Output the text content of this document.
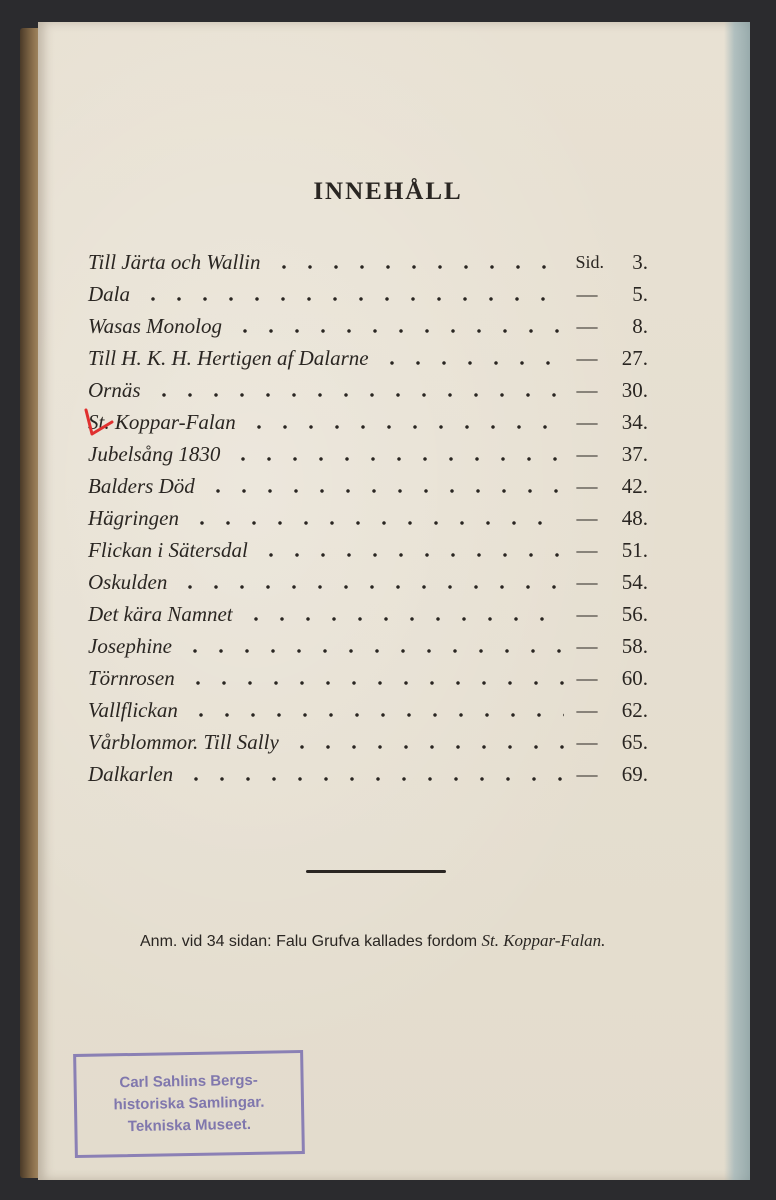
INNEHÅLL
Till Järta och Wallin	Sid.	3.
Dala	—	5.
Wasas Monolog	—	8.
Till H. K. H. Hertigen af Dalarne	—	27.
Ornäs	—	30.
St. Koppar-Falan	—	34.
Jubelsång 1830	—	37.
Balders Död	—	42.
Hägringen	—	48.
Flickan i Sätersdal	—	51.
Oskulden	—	54.
Det kära Namnet	—	56.
Josephine	—	58.
Törnrosen	—	60.
Vallflickan	—	62.
Vårblommor. Till Sally	—	65.
Dalkarlen	—	69.
Anm. vid 34 sidan: Falu Grufva kallades fordom St. Koppar-Falan.
Carl Sahlins Bergs-
historiska Samlingar.
Tekniska Museet.
